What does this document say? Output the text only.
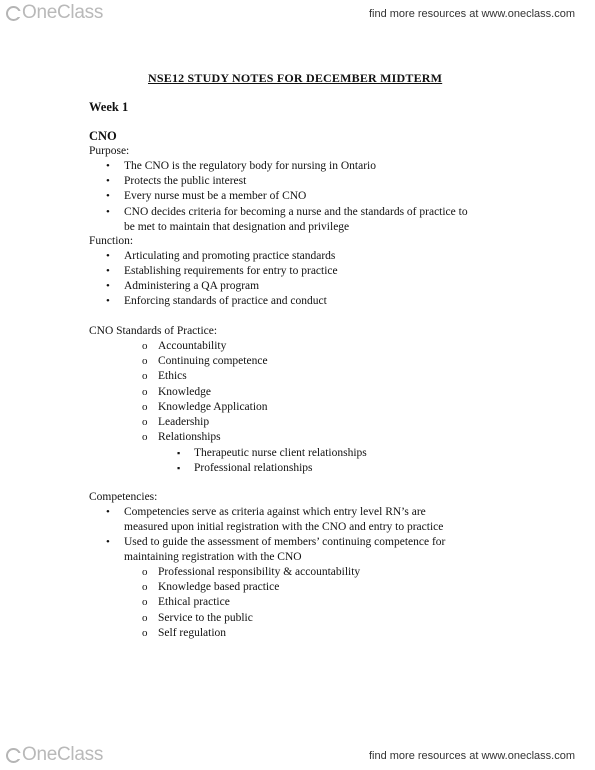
OneClass	find more resources at www.oneclass.com
NSE12 STUDY NOTES FOR DECEMBER MIDTERM
Week 1
CNO
Purpose:
• The CNO is the regulatory body for nursing in Ontario
• Protects the public interest
• Every nurse must be a member of CNO
• CNO decides criteria for becoming a nurse and the standards of practice to
be met to maintain that designation and privilege
Function:
• Articulating and promoting practice standards
• Establishing requirements for entry to practice
• Administering a QA program
• Enforcing standards of practice and conduct
CNO Standards of Practice:
o Accountability
o Continuing competence
o Ethics
o Knowledge
o Knowledge Application
o Leadership
o Relationships
▪ Therapeutic nurse client relationships
▪ Professional relationships
Competencies:
• Competencies serve as criteria against which entry level RN’s are
measured upon initial registration with the CNO and entry to practice
• Used to guide the assessment of members’ continuing competence for
maintaining registration with the CNO
o Professional responsibility & accountability
o Knowledge based practice
o Ethical practice
o Service to the public
o Self regulation
OneClass	find more resources at www.oneclass.com
